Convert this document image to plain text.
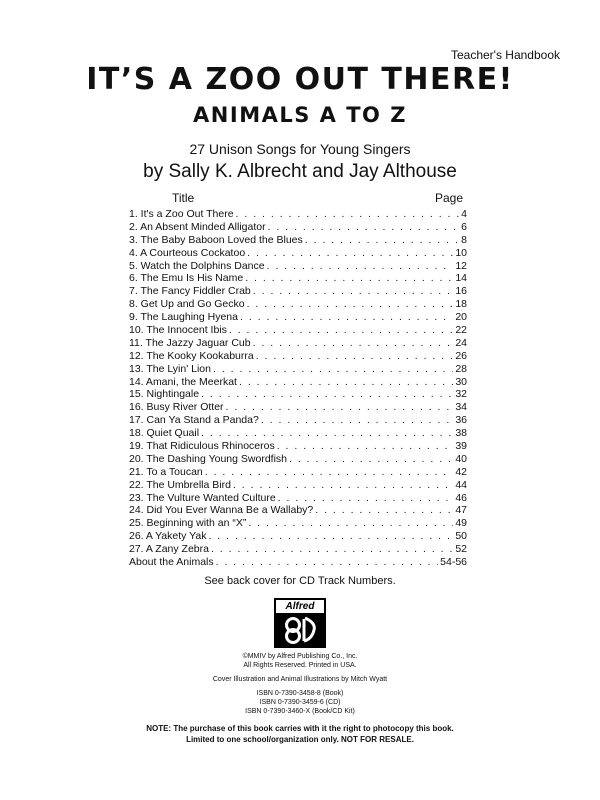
Teacher's Handbook
IT’S A ZOO OUT THERE!
ANIMALS A TO Z
27 Unison Songs for Young Singers
by Sally K. Albrecht and Jay Althouse
Title	Page
1. It's a Zoo Out There . . .	4
2. An Absent Minded Alligator . . .	6
3. The Baby Baboon Loved the Blues . . .	8
4. A Courteous Cockatoo . . .	10
5. Watch the Dolphins Dance . . .	12
6. The Emu Is His Name . . .	14
7. The Fancy Fiddler Crab . . .	16
8. Get Up and Go Gecko . . .	18
9. The Laughing Hyena . . .	20
10. The Innocent Ibis . . .	22
11. The Jazzy Jaguar Cub . . .	24
12. The Kooky Kookaburra . . .	26
13. The Lyin' Lion . . .	28
14. Amani, the Meerkat . . .	30
15. Nightingale . . .	32
16. Busy River Otter . . .	34
17. Can Ya Stand a Panda? . . .	36
18. Quiet Quail . . .	38
19. That Ridiculous Rhinoceros . . .	39
20. The Dashing Young Swordfish . . .	40
21. To a Toucan . . .	42
22. The Umbrella Bird . . .	44
23. The Vulture Wanted Culture . . .	46
24. Did You Ever Wanna Be a Wallaby? . . .	47
25. Beginning with an “X” . . .	49
26. A Yakety Yak . . .	50
27. A Zany Zebra . . .	52
About the Animals . . .	54-56
See back cover for CD Track Numbers.
Alfred
©MMIV by Alfred Publishing Co., Inc.
All Rights Reserved. Printed in USA.
Cover Illustration and Animal Illustrations by Mitch Wyatt
ISBN 0-7390-3458-8 (Book)
ISBN 0-7390-3459-6 (CD)
ISBN 0-7390-3460-X (Book/CD Kit)
NOTE: The purchase of this book carries with it the right to photocopy this book.
Limited to one school/organization only. NOT FOR RESALE.
